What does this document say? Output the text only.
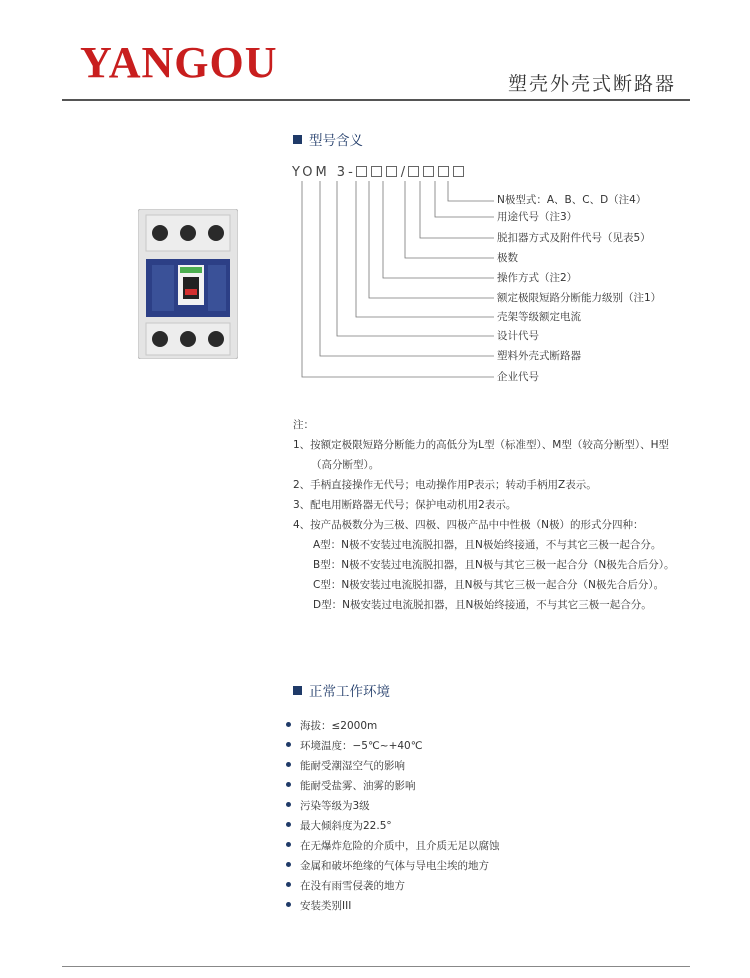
YANGOU	塑壳外壳式断路器
型号含义
YOM 3-	/
N极型式：A、B、C、D（注4）
用途代号（注3）
脱扣器方式及附件代号（见表5）
极数
操作方式（注2）
额定极限短路分断能力级别（注1）
壳架等级额定电流
设计代号
塑料外壳式断路器
企业代号
注：
1、按额定极限短路分断能力的高低分为L型（标准型）、M型（较高分断型）、H型
（高分断型）。
2、手柄直接操作无代号；电动操作用P表示；转动手柄用Z表示。
3、配电用断路器无代号；保护电动机用2表示。
4、按产品极数分为三极、四极、四极产品中中性极（N极）的形式分四种：
A型：N极不安装过电流脱扣器，且N极始终接通，不与其它三极一起合分。
B型：N极不安装过电流脱扣器，且N极与其它三极一起合分（N极先合后分）。
C型：N极安装过电流脱扣器，且N极与其它三极一起合分（N极先合后分）。
D型：N极安装过电流脱扣器，且N极始终接通，不与其它三极一起合分。
正常工作环境
海拔：≤2000m
环境温度：−5℃~+40℃
能耐受潮湿空气的影响
能耐受盐雾、油雾的影响
污染等级为3级
最大倾斜度为22.5°
在无爆炸危险的介质中，且介质无足以腐蚀
金属和破坏绝缘的气体与导电尘埃的地方
在没有雨雪侵袭的地方
安装类别III
